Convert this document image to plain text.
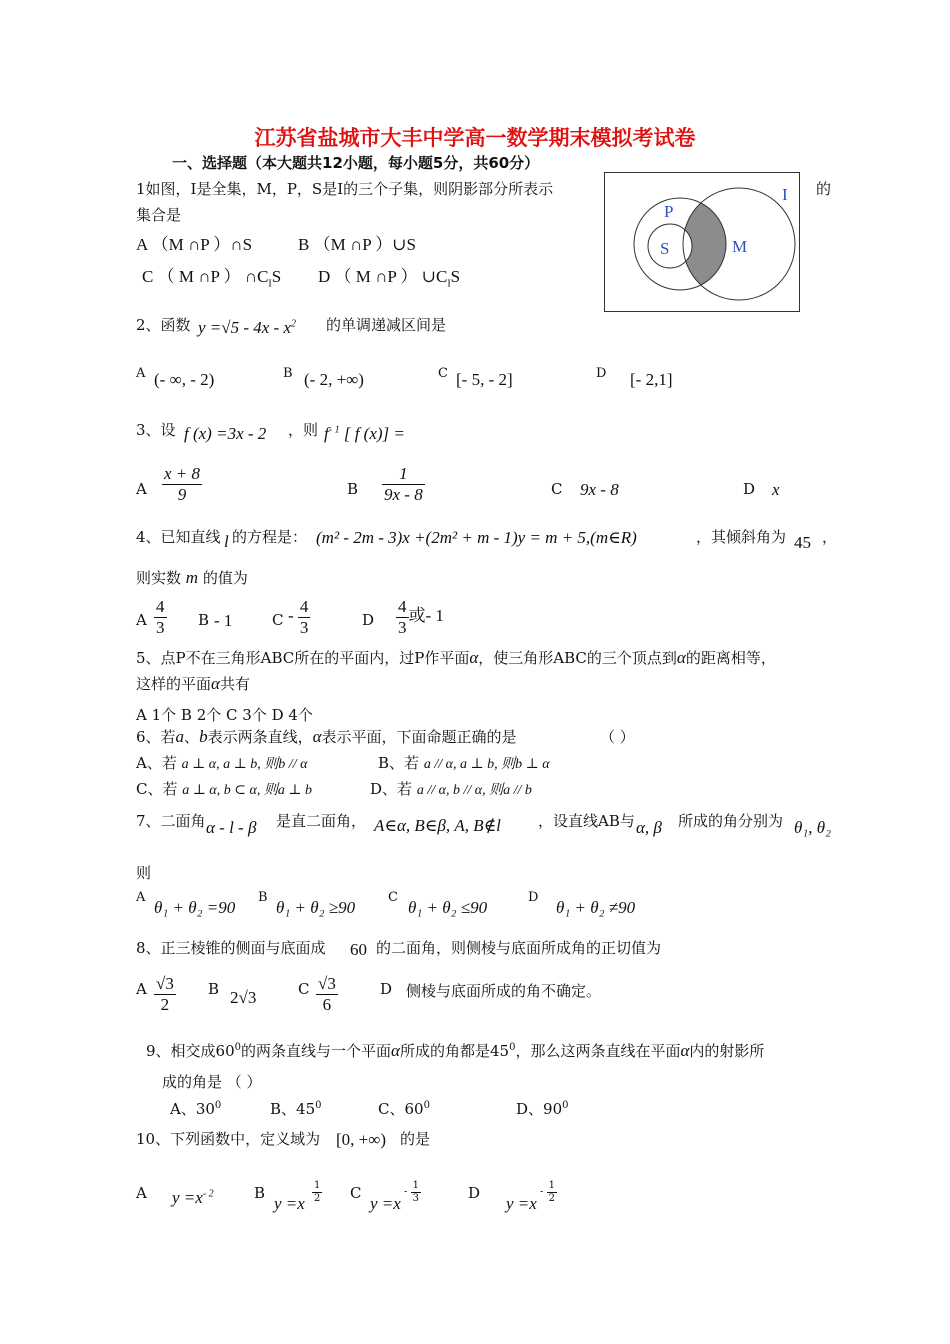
江苏省盐城市大丰中学高一数学期末模拟考试卷
一、选择题（本大题共12小题，每小题5分，共60分）
I
P
S	M
1如图，I是全集，M，P，S是I的三个子集，则阴影部分所表示	的
集合是
A （M ∩P ）∩S	B （M ∩P ）∪S
C （ M ∩P ） $\cap C_IS$ D （ M ∩P ） $\cup C_IS$
2、函数 $y =√5 - 4x - x^2$ 的单调递减区间是
A (- ∞, - 2)	B (- 2, +∞)	C [- 5, - 2]	D [- 2,1]
3、设 f (x) =3x - 2 ，则 $f^{- 1}$ [ f (x)] =
A $\frac{x + 8}{9}$	B $\frac{1}{9x - 8}$	C 9x - 8	D x
4、已知直线 l 的方程是： (m² - 2m - 3)x +(2m² + m - 1)y = m + 5,(m∈R)	，其倾斜角为 45 ，
则实数 m 的值为
A $\frac{4}{3}$ B - 1	C - $\frac{4}{3}$	D $\frac{4}{3}$ 或- 1
5、点P不在三角形ABC所在的平面内，过P作平面α，使三角形ABC的三个顶点到α的距离相等，
这样的平面α共有
A 1个 B 2个 C 3个 D 4个
6、若a、b表示两条直线，α表示平面，下面命题正确的是	（ ）
A、若 a ⊥ α, a ⊥ b, 则b // α	B、若 a // α, a ⊥ b, 则b ⊥ α
C、若 a ⊥ α, b ⊂ α, 则a ⊥ b	D、若 a // α, b // α, 则a // b
7、二面角 α - l - β 是直二面角， A∈α, B∈β, A, B∉l ，设直线AB与 α, β 所成的角分别为 θ₁, θ₂
则
A
θ₁ + θ₂ =90
B
θ₁ + θ₂ ≥90
C
θ₁ + θ₂ ≤90
D
θ₁ + θ₂ ≠90
8、正三棱锥的侧面与底面成 60 的二面角，则侧棱与底面所成角的正切值为
A $\frac{√3}{2}$ B 2√3	C $\frac{√3}{6}$	D 侧棱与底面所成的角不确定。
9、相交成$60^0$的两条直线与一个平面α所成的角都是$45^0$，那么这两条直线在平面α内的射影所
成的角是 （ ）
A、$30^0$	B、$45^0$	C、$60^0$	D、$90^0$
10、下列函数中，定义域为 [0, +∞) 的是
A $y =x^{- 2}$	B
$y =x \frac{1}{2}$ C
y =x
- $\frac{1}{3}$	D
y =x
- $\frac{1}{2}$
